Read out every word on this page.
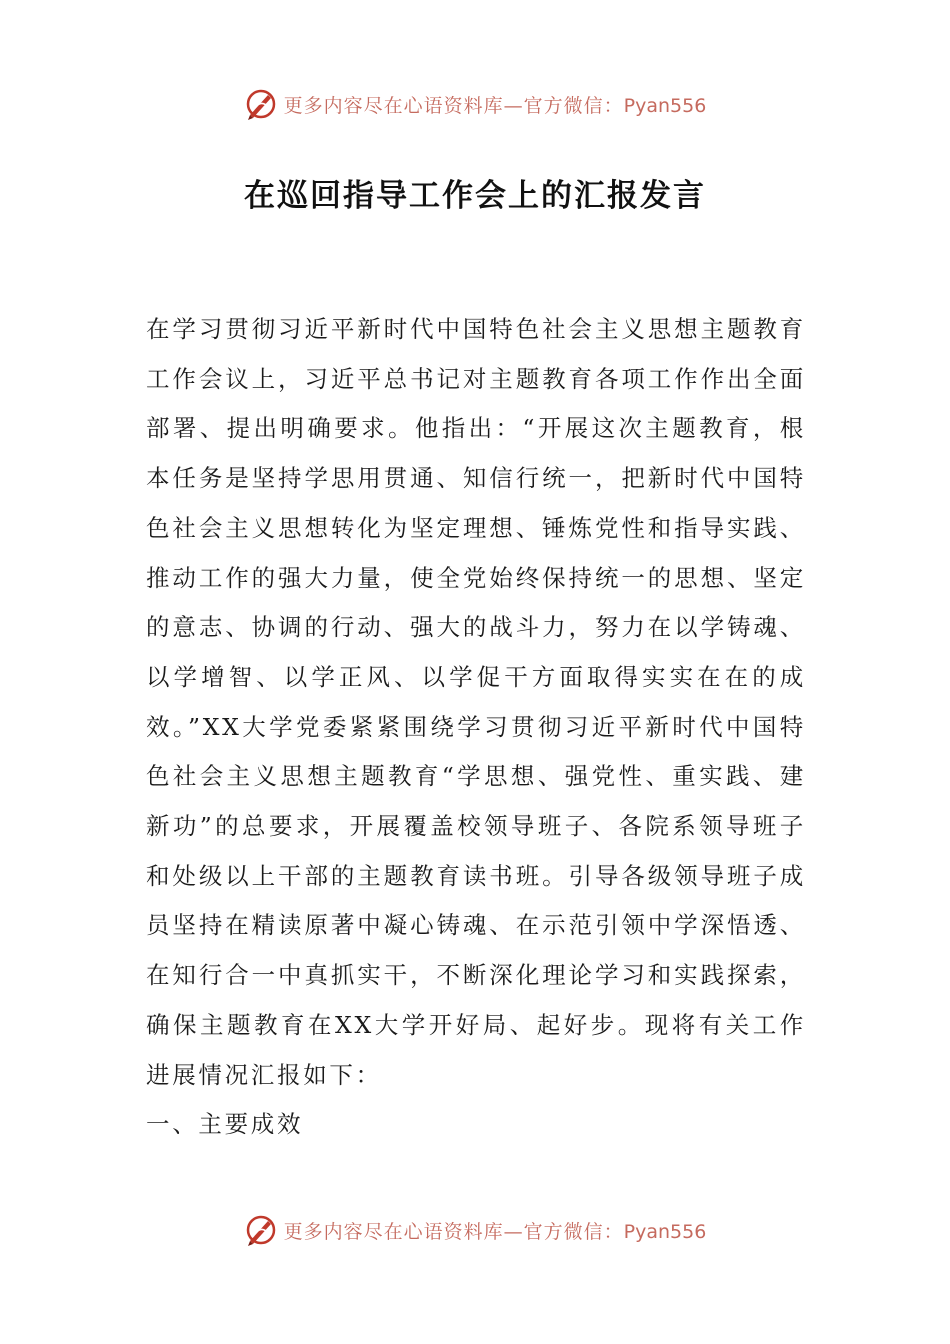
更多内容尽在心语资料库—官方微信：Pyan556
在巡回指导工作会上的汇报发言

在学习贯彻习近平新时代中国特色社会主义思想主题教育工作会议上，习近平总书记对主题教育各项工作作出全面部署、提出明确要求。他指出：“开展这次主题教育，根本任务是坚持学思用贯通、知信行统一，把新时代中国特色社会主义思想转化为坚定理想、锤炼党性和指导实践、推动工作的强大力量，使全党始终保持统一的思想、坚定的意志、协调的行动、强大的战斗力，努力在以学铸魂、以学增智、以学正风、以学促干方面取得实实在在的成效。”XX大学党委紧紧围绕学习贯彻习近平新时代中国特色社会主义思想主题教育“学思想、强党性、重实践、建新功”的总要求，开展覆盖校领导班子、各院系领导班子和处级以上干部的主题教育读书班。引导各级领导班子成员坚持在精读原著中凝心铸魂、在示范引领中学深悟透、在知行合一中真抓实干，不断深化理论学习和实践探索，确保主题教育在XX大学开好局、起好步。现将有关工作进展情况汇报如下：

一、主要成效

更多内容尽在心语资料库—官方微信：Pyan556
